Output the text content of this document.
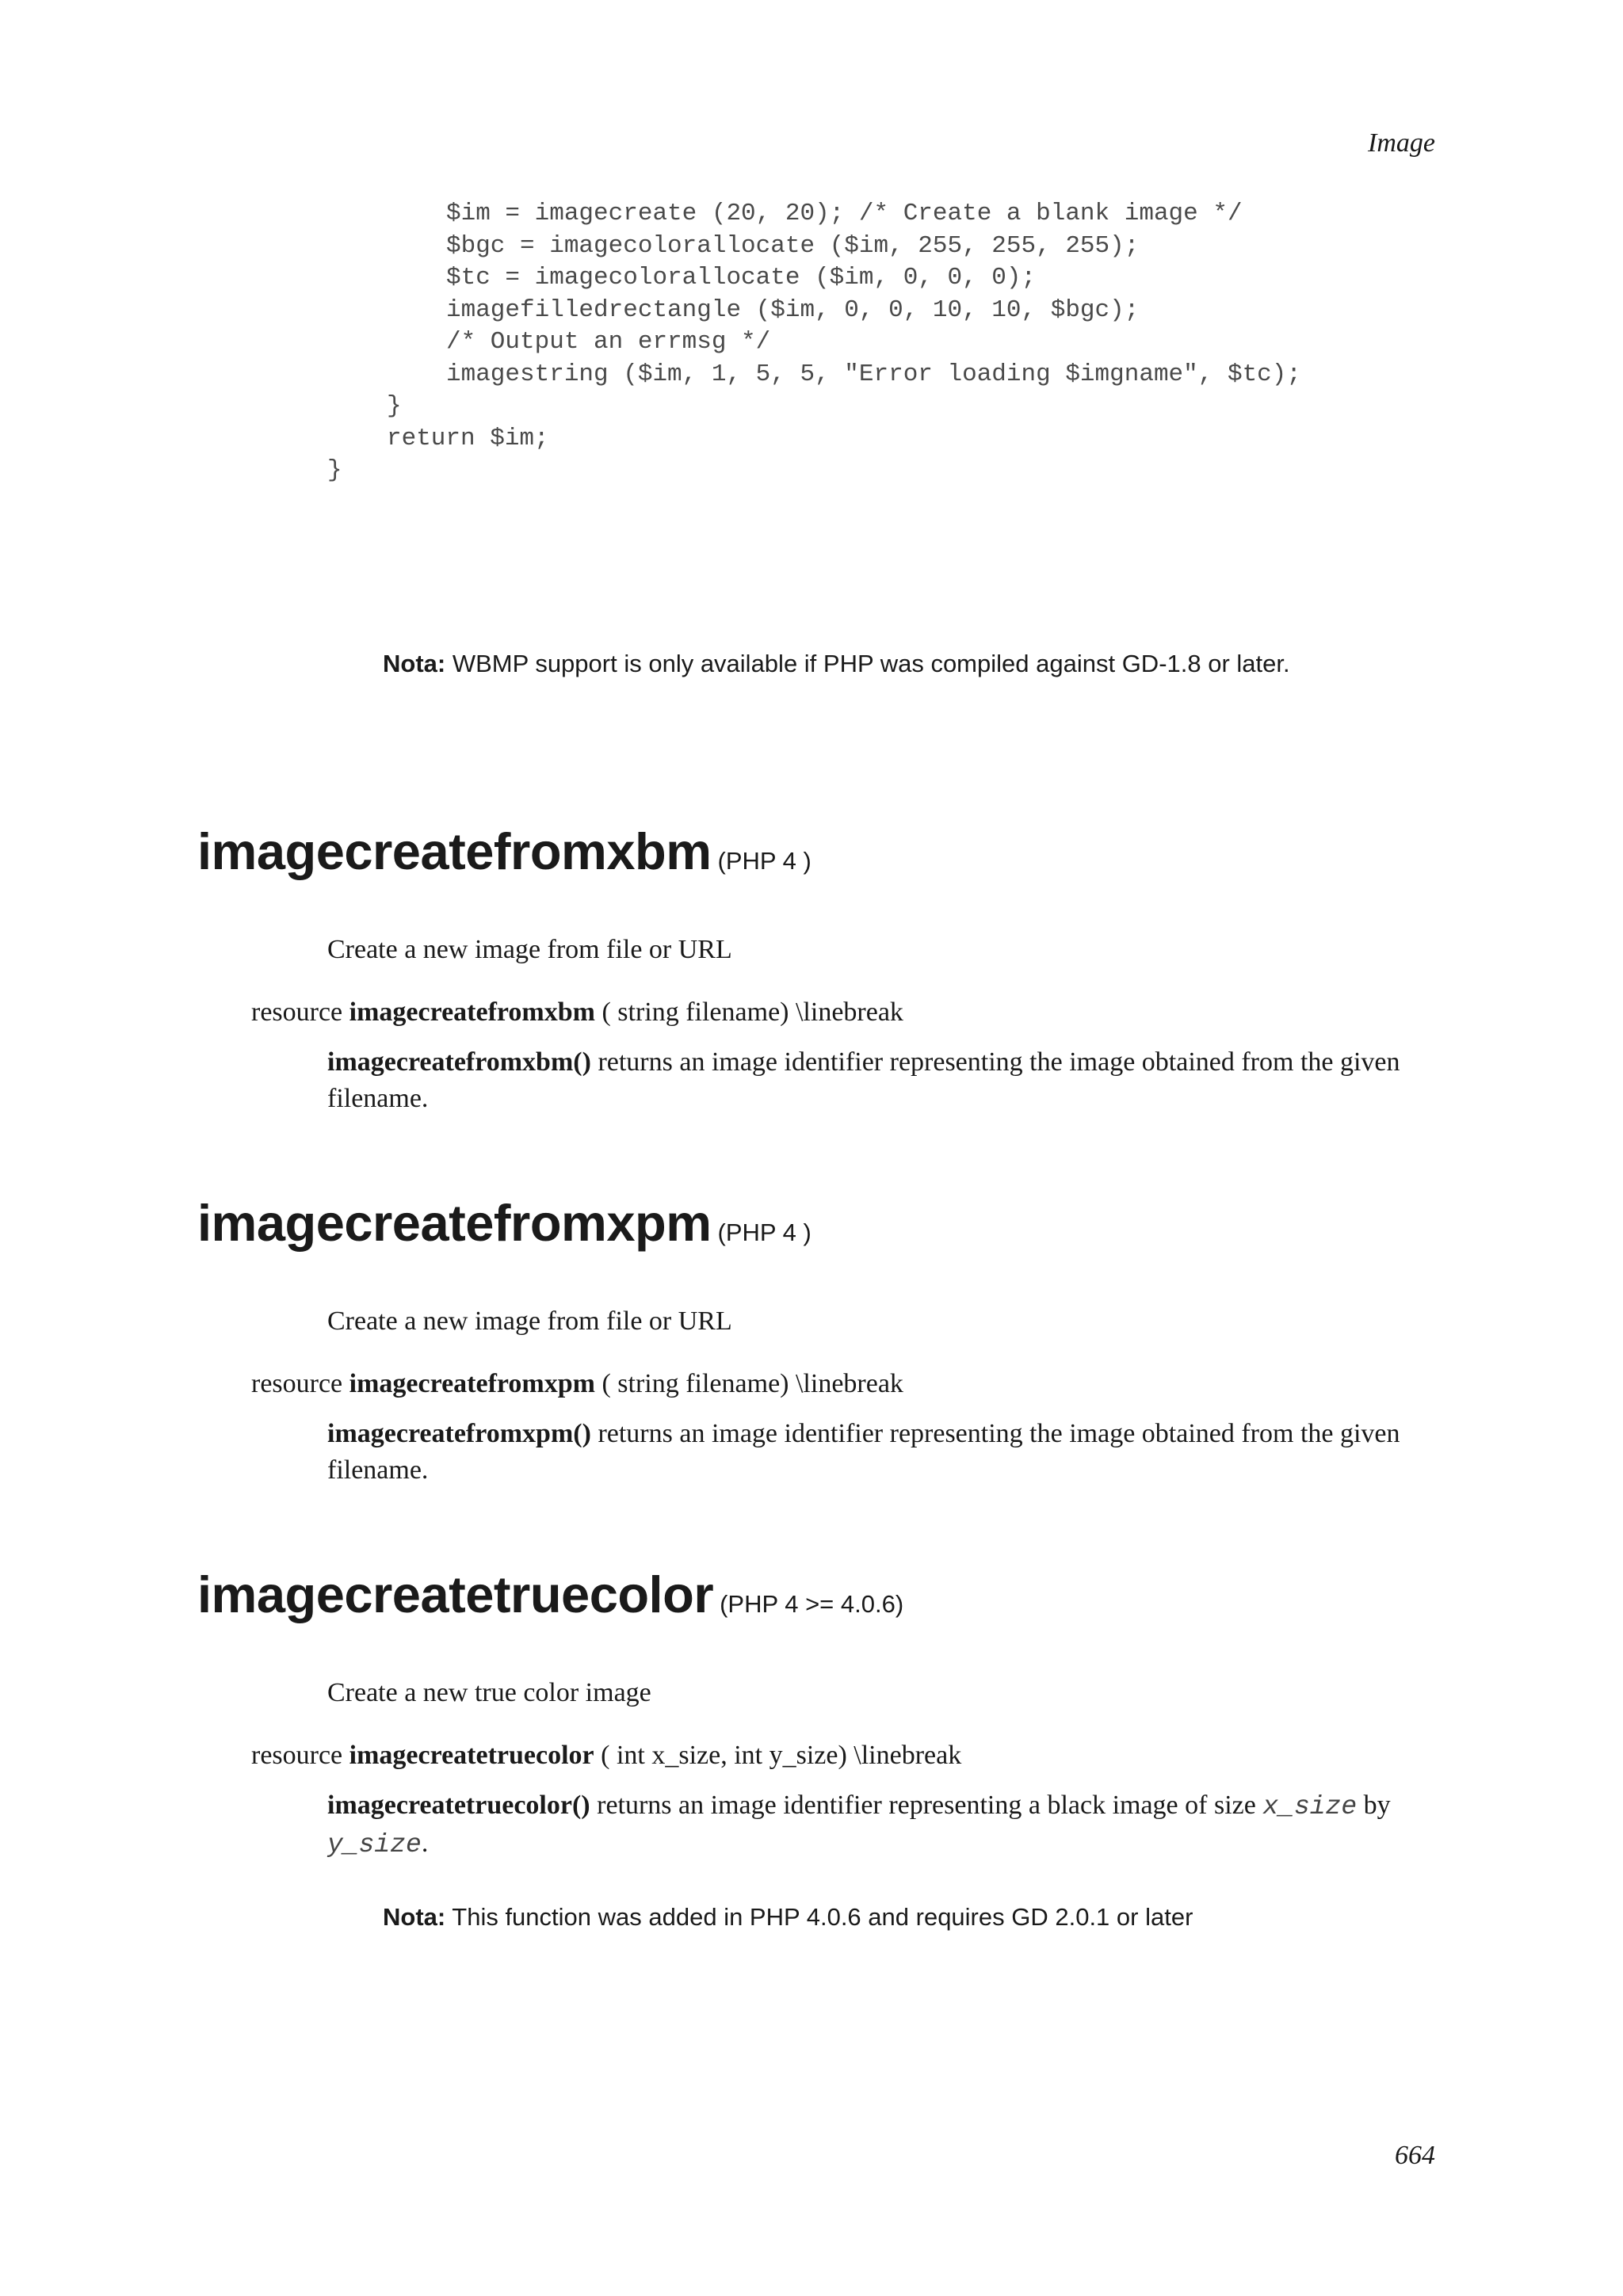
Image
$im = imagecreate (20, 20); /* Create a blank image */
$bgc = imagecolorallocate ($im, 255, 255, 255);
$tc = imagecolorallocate ($im, 0, 0, 0);
imagefilledrectangle ($im, 0, 0, 10, 10, $bgc);
/* Output an errmsg */
imagestring ($im, 1, 5, 5, "Error loading $imgname", $tc);
}
return $im;
}
Nota: WBMP support is only available if PHP was compiled against GD-1.8 or later.
imagecreatefromxbm (PHP 4 )
Create a new image from file or URL
resource imagecreatefromxbm ( string filename) \linebreak
imagecreatefromxbm() returns an image identifier representing the image obtained from the given filename.
imagecreatefromxpm (PHP 4 )
Create a new image from file or URL
resource imagecreatefromxpm ( string filename) \linebreak
imagecreatefromxpm() returns an image identifier representing the image obtained from the given filename.
imagecreatetruecolor (PHP 4 >= 4.0.6)
Create a new true color image
resource imagecreatetruecolor ( int x_size, int y_size) \linebreak
imagecreatetruecolor() returns an image identifier representing a black image of size x_size by y_size.
Nota: This function was added in PHP 4.0.6 and requires GD 2.0.1 or later
664
